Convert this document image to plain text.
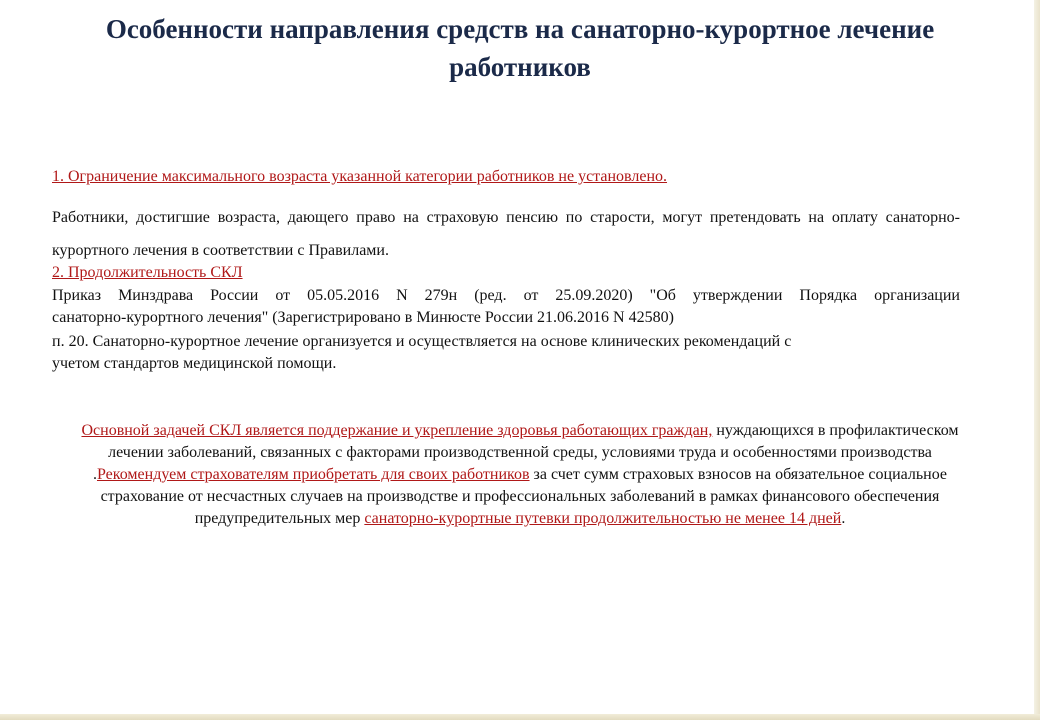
Особенности направления средств на санаторно-курортное лечение работников
1. Ограничение максимального возраста указанной категории работников не установлено.

Работники, достигшие возраста, дающего право на страховую пенсию по старости, могут претендовать на оплату санаторно-курортного лечения в соответствии с Правилами.

2. Продолжительность СКЛ
Приказ Минздрава России от 05.05.2016 N 279н (ред. от 25.09.2020) "Об утверждении Порядка организации
санаторно-курортного лечения" (Зарегистрировано в Минюсте России 21.06.2016 N 42580)
п. 20. Санаторно-курортное лечение организуется и осуществляется на основе клинических рекомендаций с
учетом стандартов медицинской помощи.
Основной задачей СКЛ является поддержание и укрепление здоровья работающих граждан, нуждающихся в профилактическом лечении заболеваний, связанных с факторами производственной среды, условиями труда и особенностями производства .Рекомендуем страхователям приобретать для своих работников за счет сумм страховых взносов на обязательное социальное страхование от несчастных случаев на производстве и профессиональных заболеваний в рамках финансового обеспечения предупредительных мер санаторно-курортные путевки продолжительностью не менее 14 дней.
